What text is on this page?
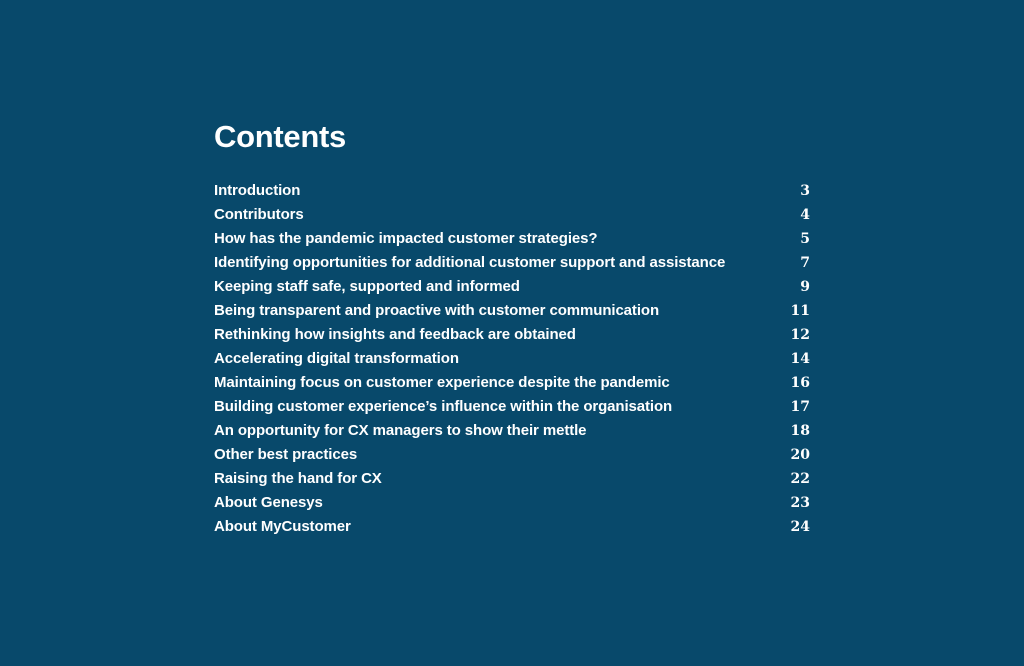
Contents
Introduction	3
Contributors	4
How has the pandemic impacted customer strategies?	5
Identifying opportunities for additional customer support and assistance	7
Keeping staff safe, supported and informed	9
Being transparent and proactive with customer communication	11
Rethinking how insights and feedback are obtained	12
Accelerating digital transformation	14
Maintaining focus on customer experience despite the pandemic	16
Building customer experience’s influence within the organisation	17
An opportunity for CX managers to show their mettle	18
Other best practices	20
Raising the hand for CX	22
About Genesys	23
About MyCustomer	24
